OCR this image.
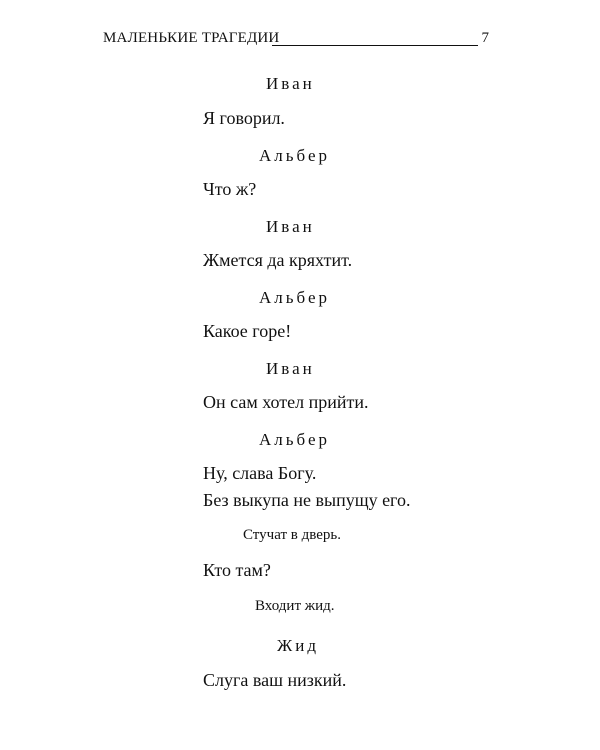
МАЛЕНЬКИЕ ТРАГЕДИИ	7
Иван
Я говорил.
Альбер
Что ж?
Иван
Жмется да кряхтит.
Альбер
Какое горе!
Иван
Он сам хотел прийти.
Альбер
Ну, слава Богу.
Без выкупа не выпущу его.
Стучат в дверь.
Кто там?
Входит жид.
Жид
Слуга ваш низкий.
